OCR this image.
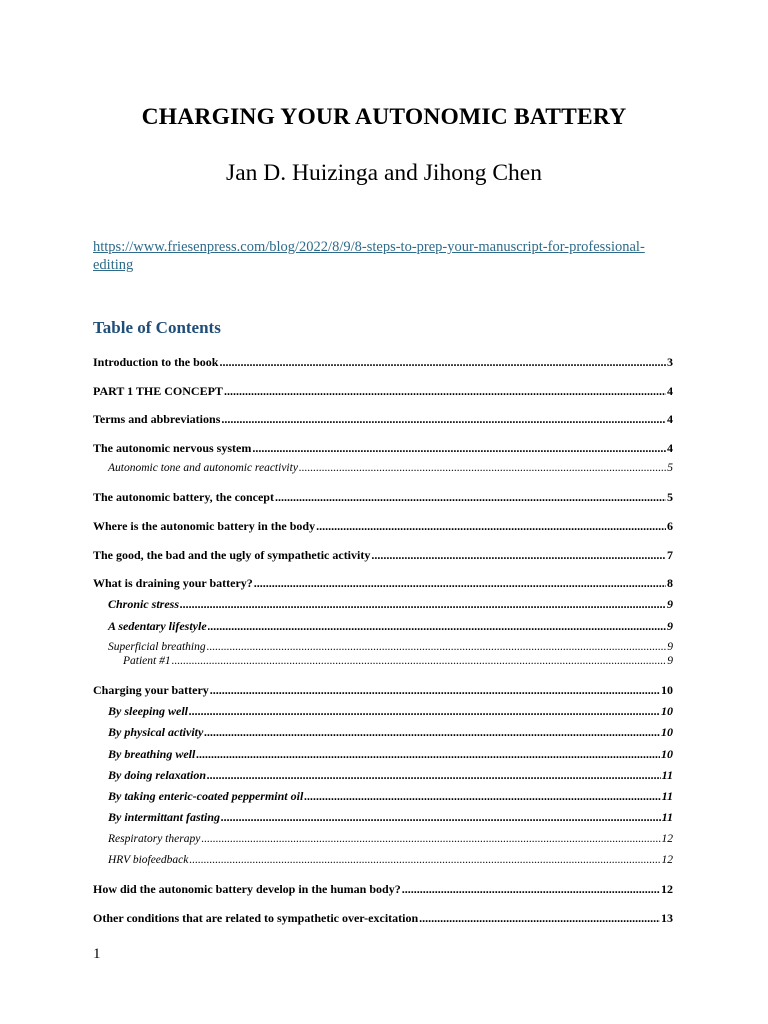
CHARGING YOUR AUTONOMIC BATTERY
Jan D. Huizinga and Jihong Chen
https://www.friesenpress.com/blog/2022/8/9/8-steps-to-prep-your-manuscript-for-professional-editing
Table of Contents
Introduction to the book .....	3
PART 1 THE CONCEPT .....	4
Terms and abbreviations .....	4
The autonomic nervous system .....	4
Autonomic tone and autonomic reactivity .....	5
The autonomic battery, the concept .....	5
Where is the autonomic battery in the body .....	6
The good, the bad and the ugly of sympathetic activity .....	7
What is draining your battery? .....	8
Chronic stress .....	9
A sedentary lifestyle .....	9
Superficial breathing .....	9
Patient #1 .....	9
Charging your battery .....	10
By sleeping well .....	10
By physical activity .....	10
By breathing well .....	10
By doing relaxation .....	11
By taking enteric-coated peppermint oil .....	11
By intermittant fasting .....	11
Respiratory therapy .....	12
HRV biofeedback .....	12
How did the autonomic battery develop in the human body? .....	12
Other conditions that are related to sympathetic over-excitation .....	13
1
